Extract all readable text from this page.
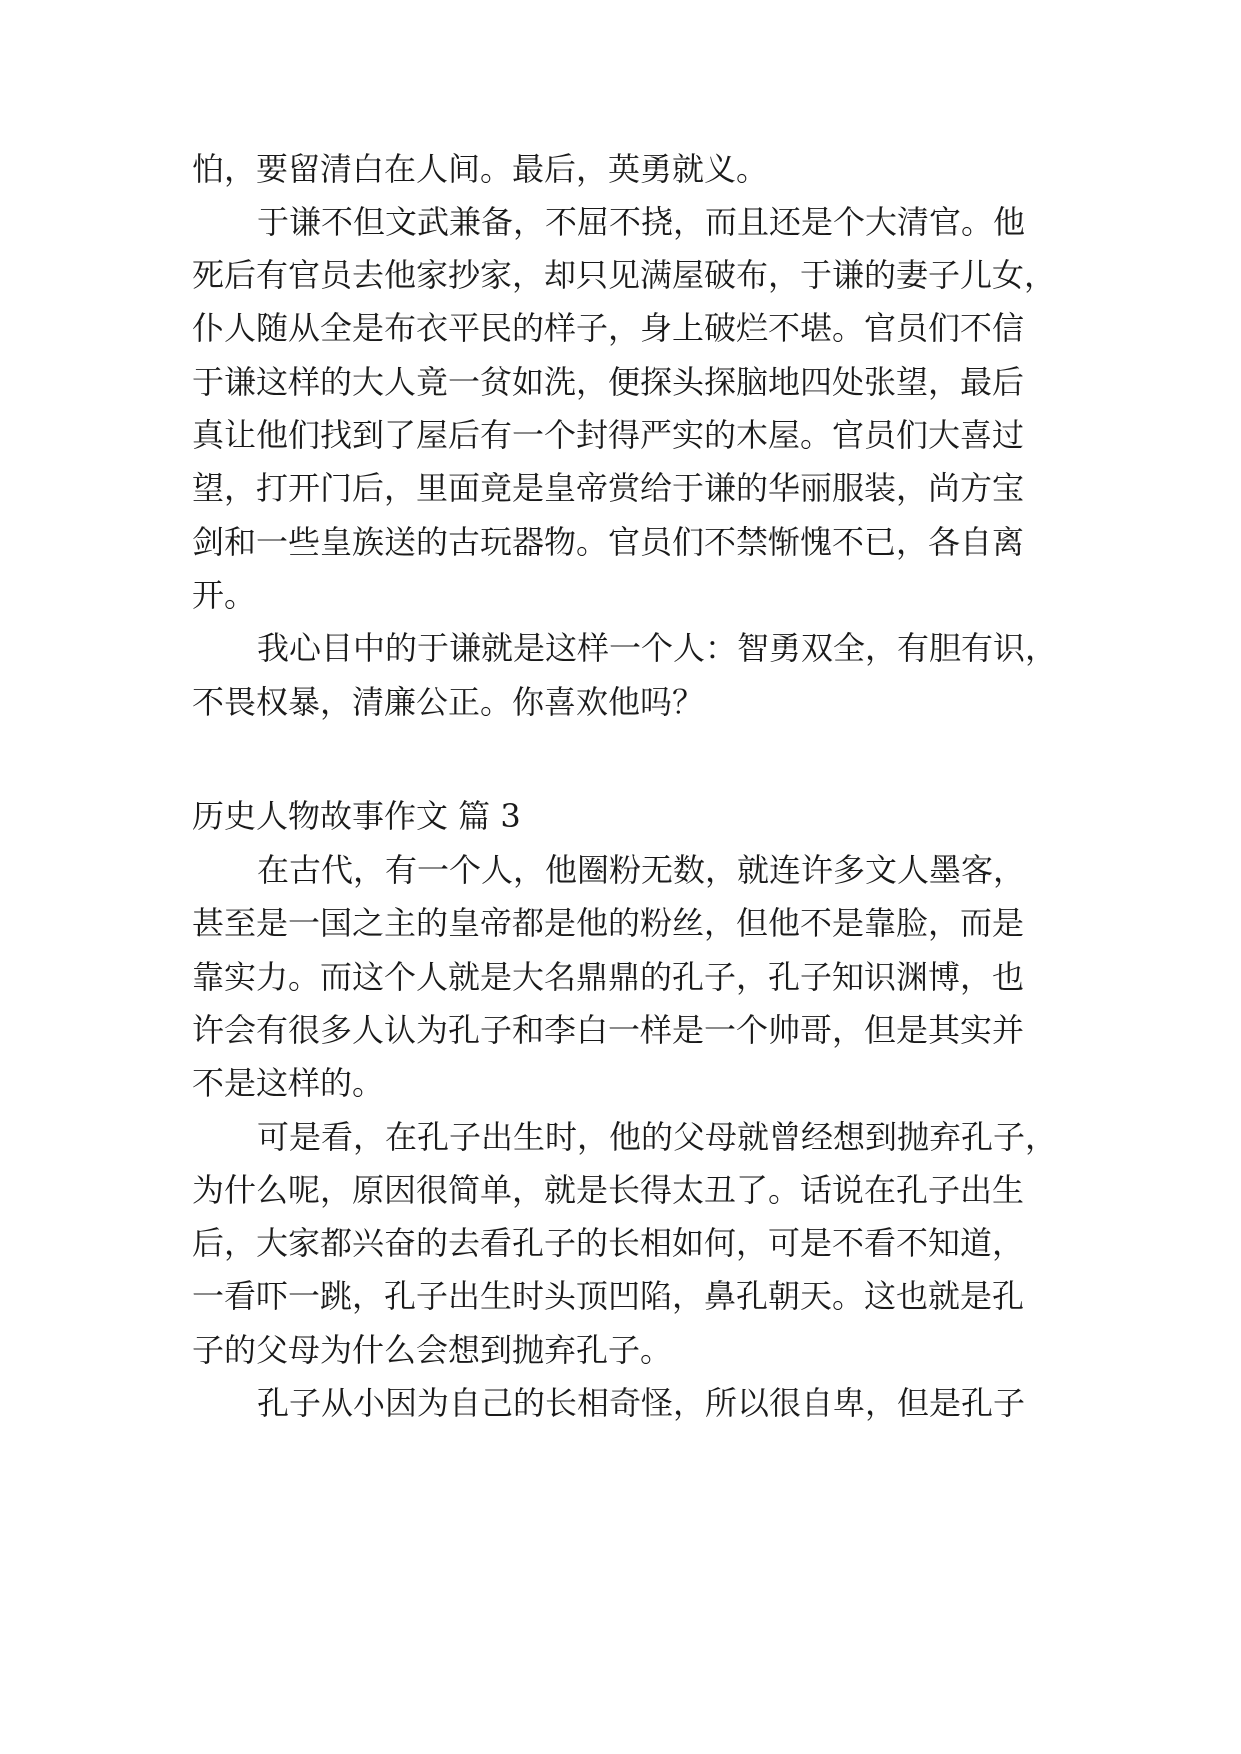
怕，要留清白在人间。最后，英勇就义。
于谦不但文武兼备，不屈不挠，而且还是个大清官。他
死后有官员去他家抄家，却只见满屋破布，于谦的妻子儿女，
仆人随从全是布衣平民的样子，身上破烂不堪。官员们不信
于谦这样的大人竟一贫如洗，便探头探脑地四处张望，最后
真让他们找到了屋后有一个封得严实的木屋。官员们大喜过
望，打开门后，里面竟是皇帝赏给于谦的华丽服装，尚方宝
剑和一些皇族送的古玩器物。官员们不禁惭愧不已，各自离
开。
我心目中的于谦就是这样一个人：智勇双全，有胆有识，
不畏权暴，清廉公正。你喜欢他吗？
历史人物故事作文 篇 3
在古代，有一个人，他圈粉无数，就连许多文人墨客，
甚至是一国之主的皇帝都是他的粉丝，但他不是靠脸，而是
靠实力。而这个人就是大名鼎鼎的孔子，孔子知识渊博，也
许会有很多人认为孔子和李白一样是一个帅哥，但是其实并
不是这样的。
可是看，在孔子出生时，他的父母就曾经想到抛弃孔子，
为什么呢，原因很简单，就是长得太丑了。话说在孔子出生
后，大家都兴奋的去看孔子的长相如何，可是不看不知道，
一看吓一跳，孔子出生时头顶凹陷，鼻孔朝天。这也就是孔
子的父母为什么会想到抛弃孔子。
孔子从小因为自己的长相奇怪，所以很自卑，但是孔子
